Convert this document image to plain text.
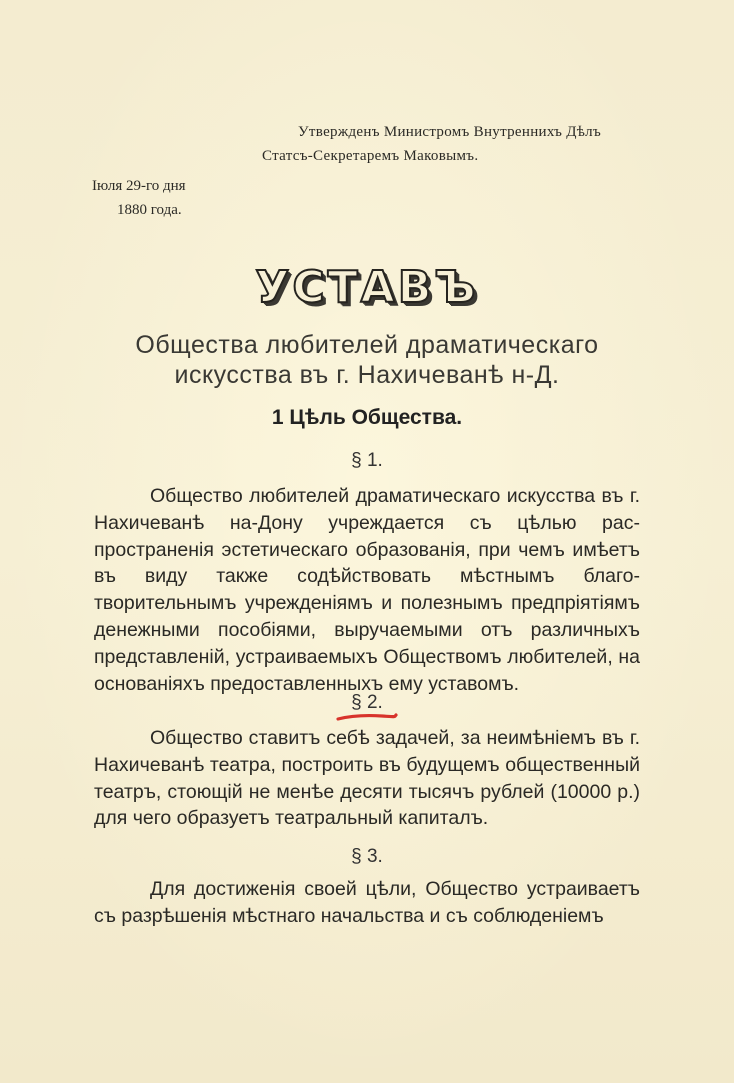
Утвержденъ Министромъ Внутреннихъ Дѣлъ
Статсъ-Секретаремъ Маковымъ.
Iюля 29-го дня
1880 года.
УСТАВЪ
Общества любителей драматическаго
искусства въ г. Нахичеванѣ н-Д.
1 Цѣль Общества.
§ 1.
Общество любителей драматическаго искусства въ г. Нахичеванѣ на-Дону учреждается съ цѣлью распространенія эстетическаго образованія, при чемъ имѣетъ въ виду также содѣйствовать мѣстнымъ благотворительнымъ учрежденіямъ и полезнымъ предпріятіямъ денежными пособіями, выручаемыми отъ различныхъ представленій, устраиваемыхъ Обществомъ любителей, на основаніяхъ предоставленныхъ ему уставомъ.
§ 2.
Общество ставитъ себѣ задачей, за неимѣніемъ въ г. Нахичеванѣ театра, построить въ будущемъ общественный театръ, стоющій не менѣе десяти тысячъ рублей (10000 р.) для чего образуетъ театральный капиталъ.
§ 3.
Для достиженія своей цѣли, Общество устраиваетъ съ разрѣшенія мѣстнаго начальства и съ соблюденіемъ
